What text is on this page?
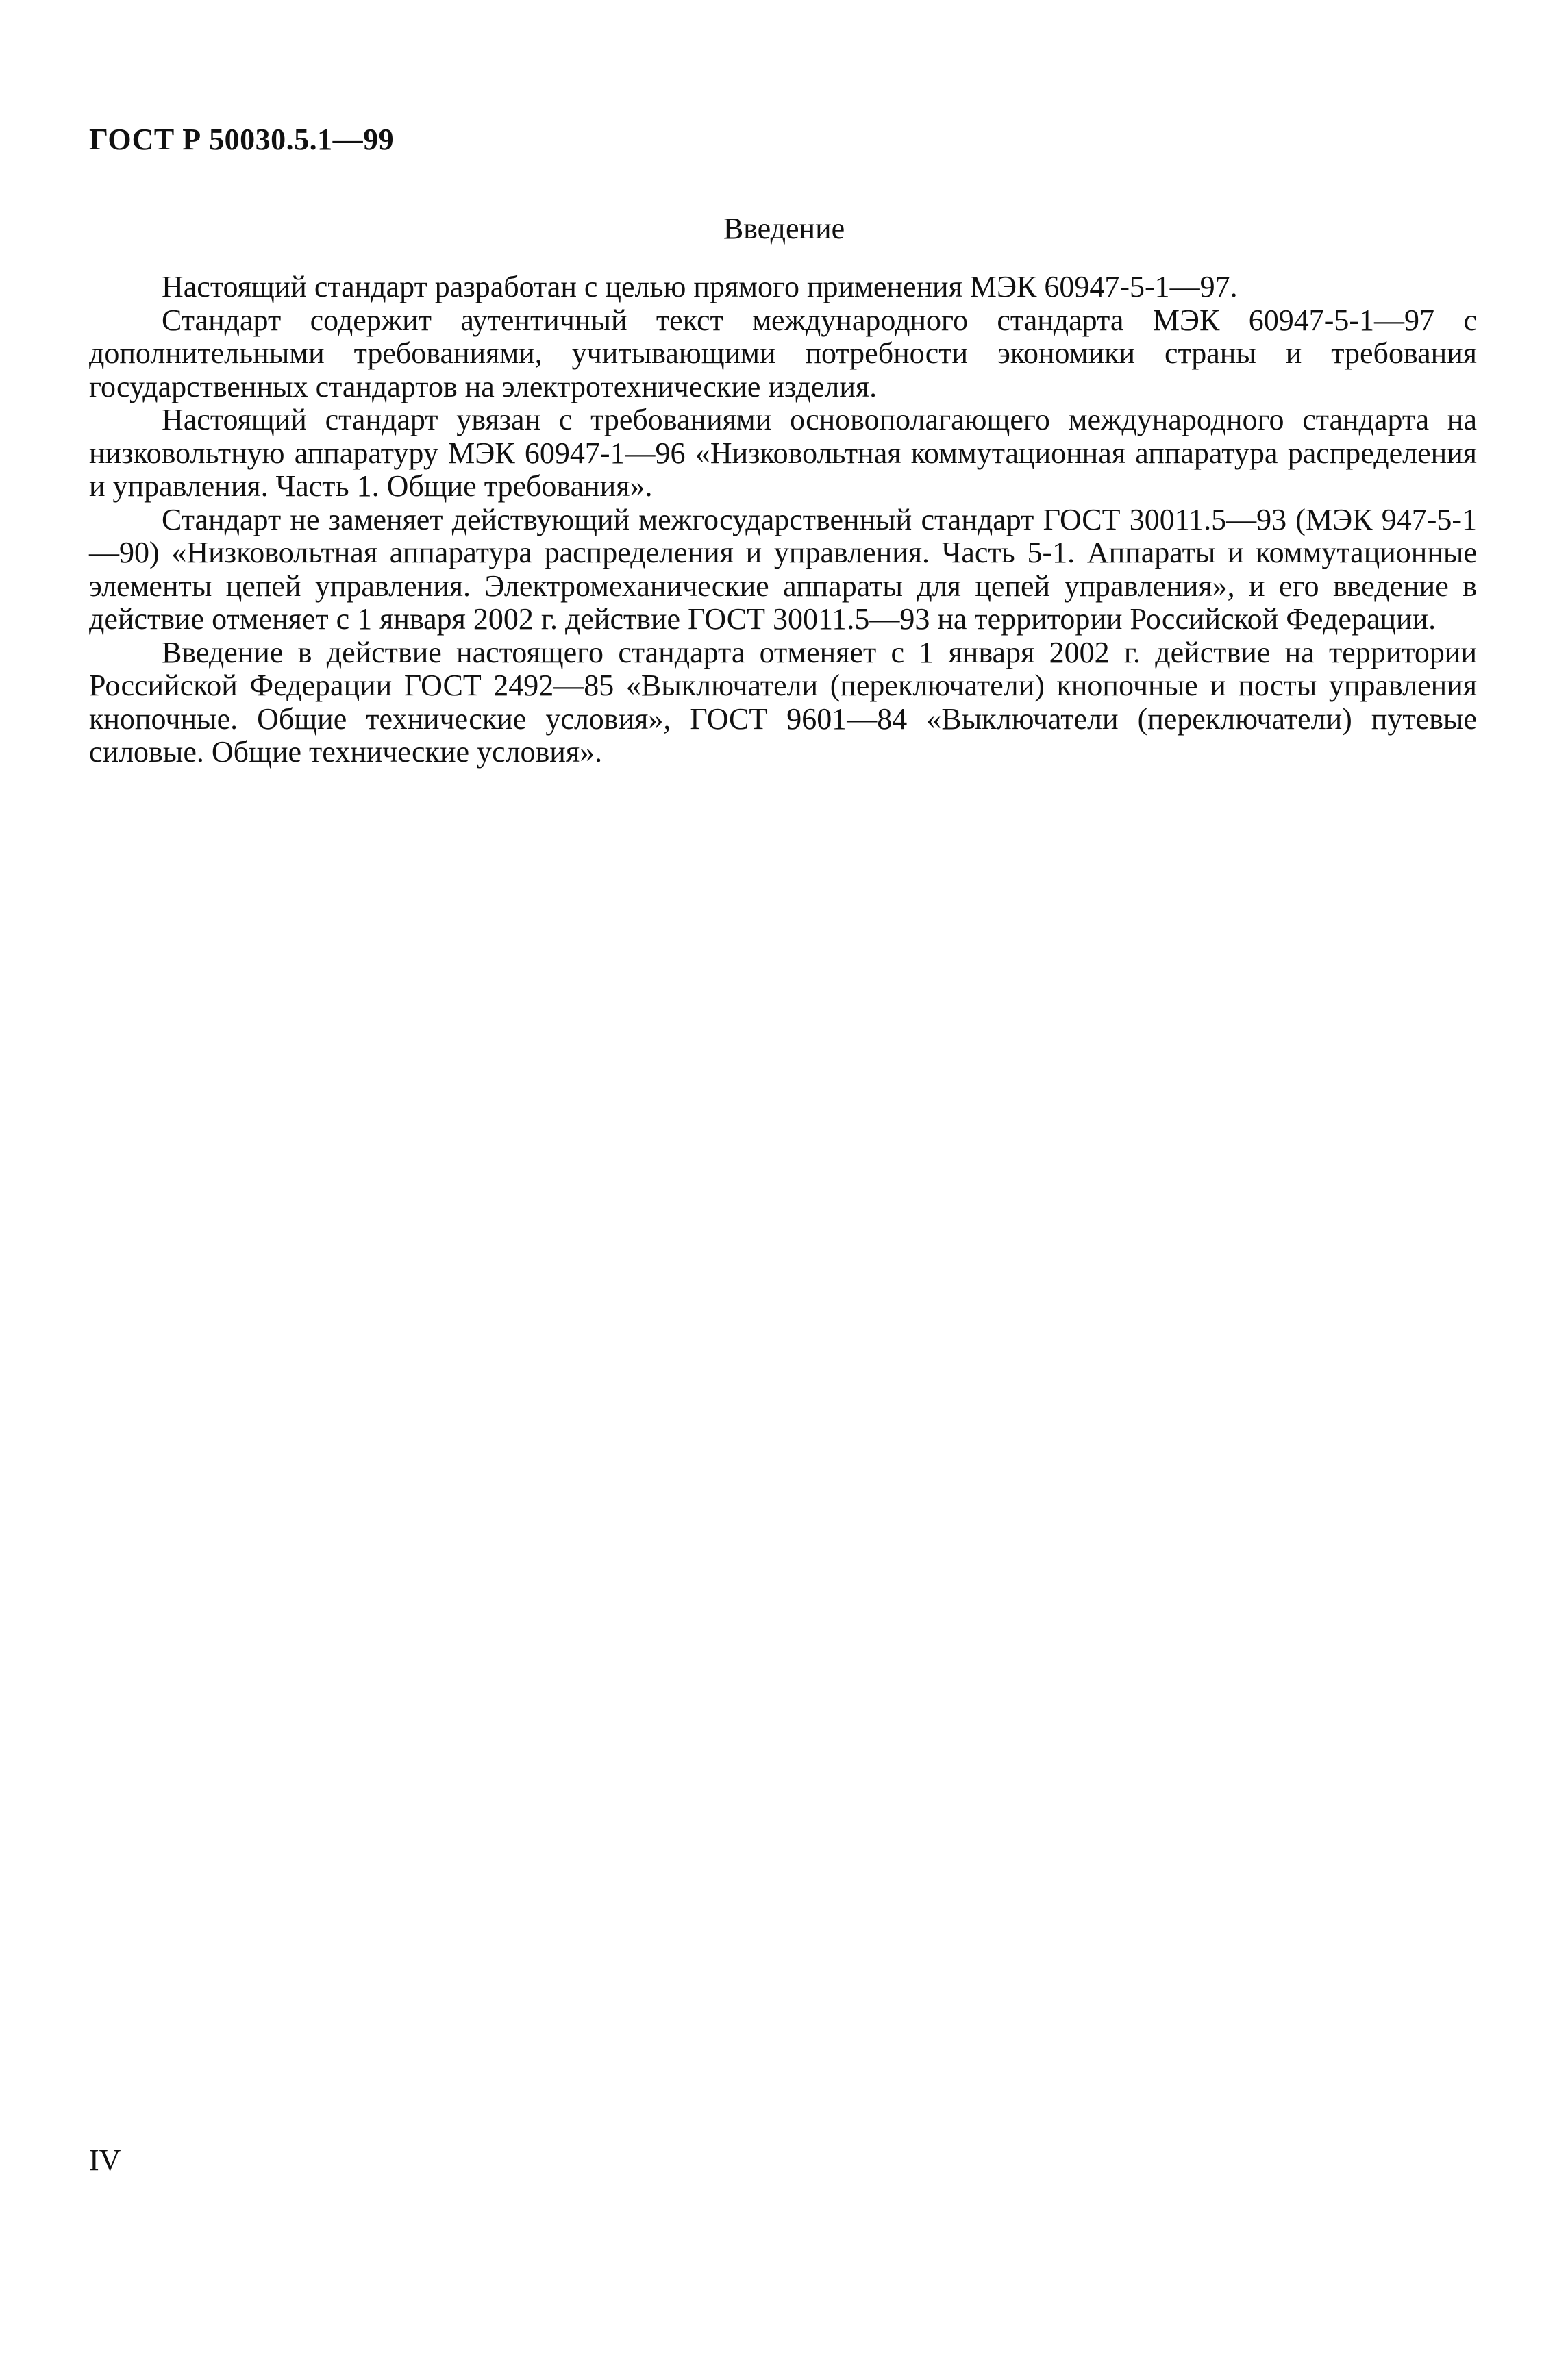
ГОСТ Р 50030.5.1—99
Введение

Настоящий стандарт разработан с целью прямого применения МЭК 60947-5-1—97.

Стандарт содержит аутентичный текст международного стандарта МЭК 60947-5-1—97 с дополнительными требованиями, учитывающими потребности экономики страны и требования государственных стандартов на электротехнические изделия.

Настоящий стандарт увязан с требованиями основополагающего международного стандарта на низковольтную аппаратуру МЭК 60947-1—96 «Низковольтная коммутационная аппаратура распределения и управления. Часть 1. Общие требования».

Стандарт не заменяет действующий межгосударственный стандарт ГОСТ 30011.5—93 (МЭК 947-5-1—90) «Низковольтная аппаратура распределения и управления. Часть 5-1. Аппараты и коммутационные элементы цепей управления. Электромеханические аппараты для цепей управления», и его введение в действие отменяет с 1 января 2002 г. действие ГОСТ 30011.5—93 на территории Российской Федерации.

Введение в действие настоящего стандарта отменяет с 1 января 2002 г. действие на территории Российской Федерации ГОСТ 2492—85 «Выключатели (переключатели) кнопочные и посты управления кнопочные. Общие технические условия», ГОСТ 9601—84 «Выключатели (переключатели) путевые силовые. Общие технические условия».

IV
